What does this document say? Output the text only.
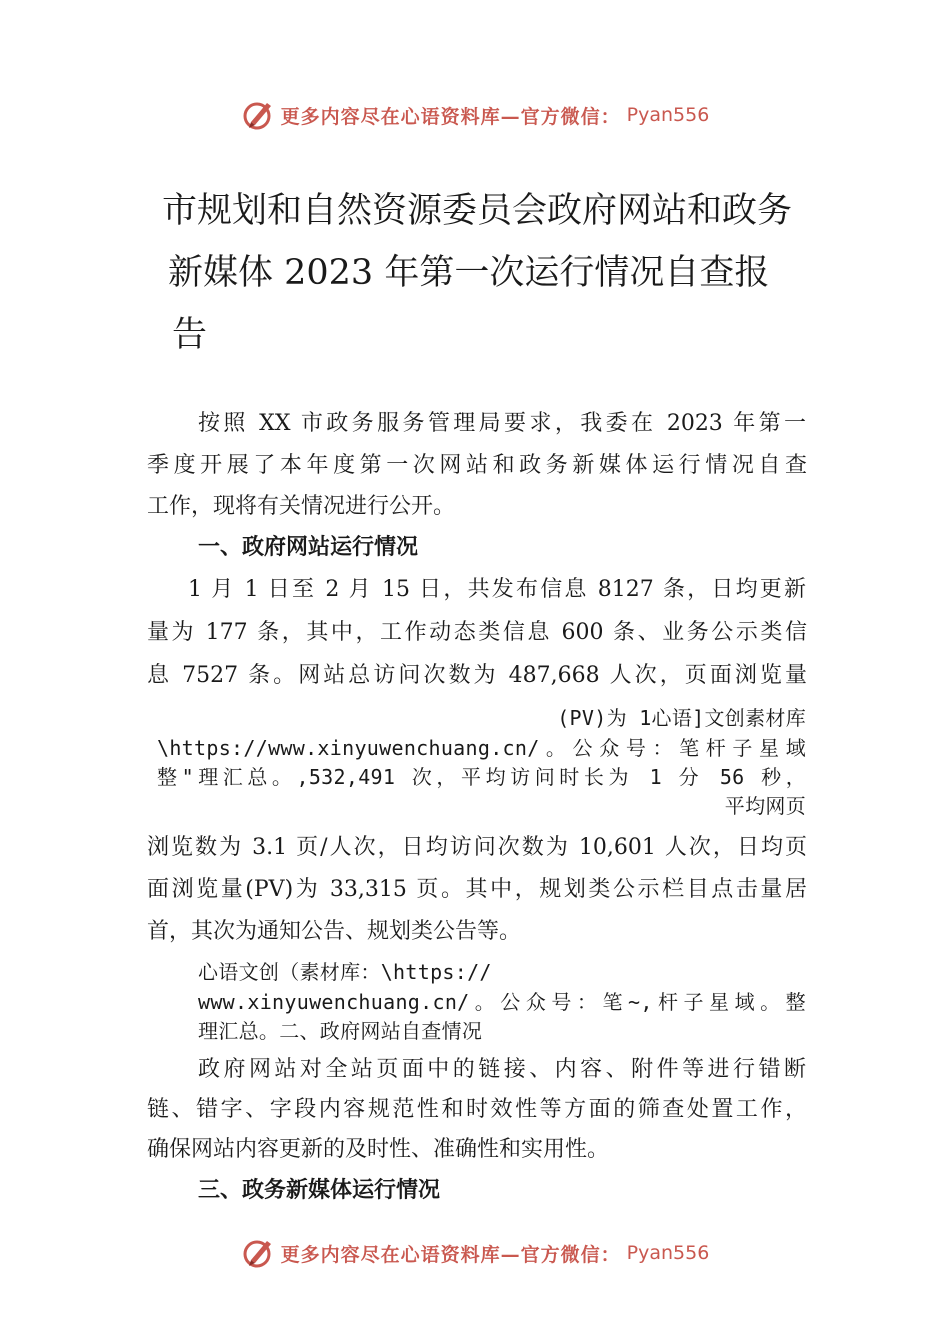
更多内容尽在心语资料库—官方微信： Pyan556
市规划和自然资源委员会政府网站和政务
新媒体 2023 年第一次运行情况自查报
告
按照 XX 市政务服务管理局要求，我委在 2023 年第一
季度开展了本年度第一次网站和政务新媒体运行情况自查
工作，现将有关情况进行公开。
一、政府网站运行情况
1 月 1 日至 2 月 15 日，共发布信息 8127 条，日均更新
量为 177 条，其中，工作动态类信息 600 条、业务公示类信
息 7527 条。网站总访问次数为 487,668 人次，页面浏览量
(PV)为 1心语]文创素材库
\https://www.xinyuwenchuang.cn/。公众号：笔杆子星域
整"理汇总。,532,491 次，平均访问时长为 1 分 56 秒，
平均网页
浏览数为 3.1 页/人次，日均访问次数为 10,601 人次，日均页
面浏览量(PV)为 33,315 页。其中，规划类公示栏目点击量居
首，其次为通知公告、规划类公告等。
心语文创（素材库：\https://
www.xinyuwenchuang.cn/。公众号：笔~,杆子星域。整
理汇总。二、政府网站自查情况
政府网站对全站页面中的链接、内容、附件等进行错断
链、错字、字段内容规范性和时效性等方面的筛查处置工作，
确保网站内容更新的及时性、准确性和实用性。
三、政务新媒体运行情况
更多内容尽在心语资料库—官方微信： Pyan556
